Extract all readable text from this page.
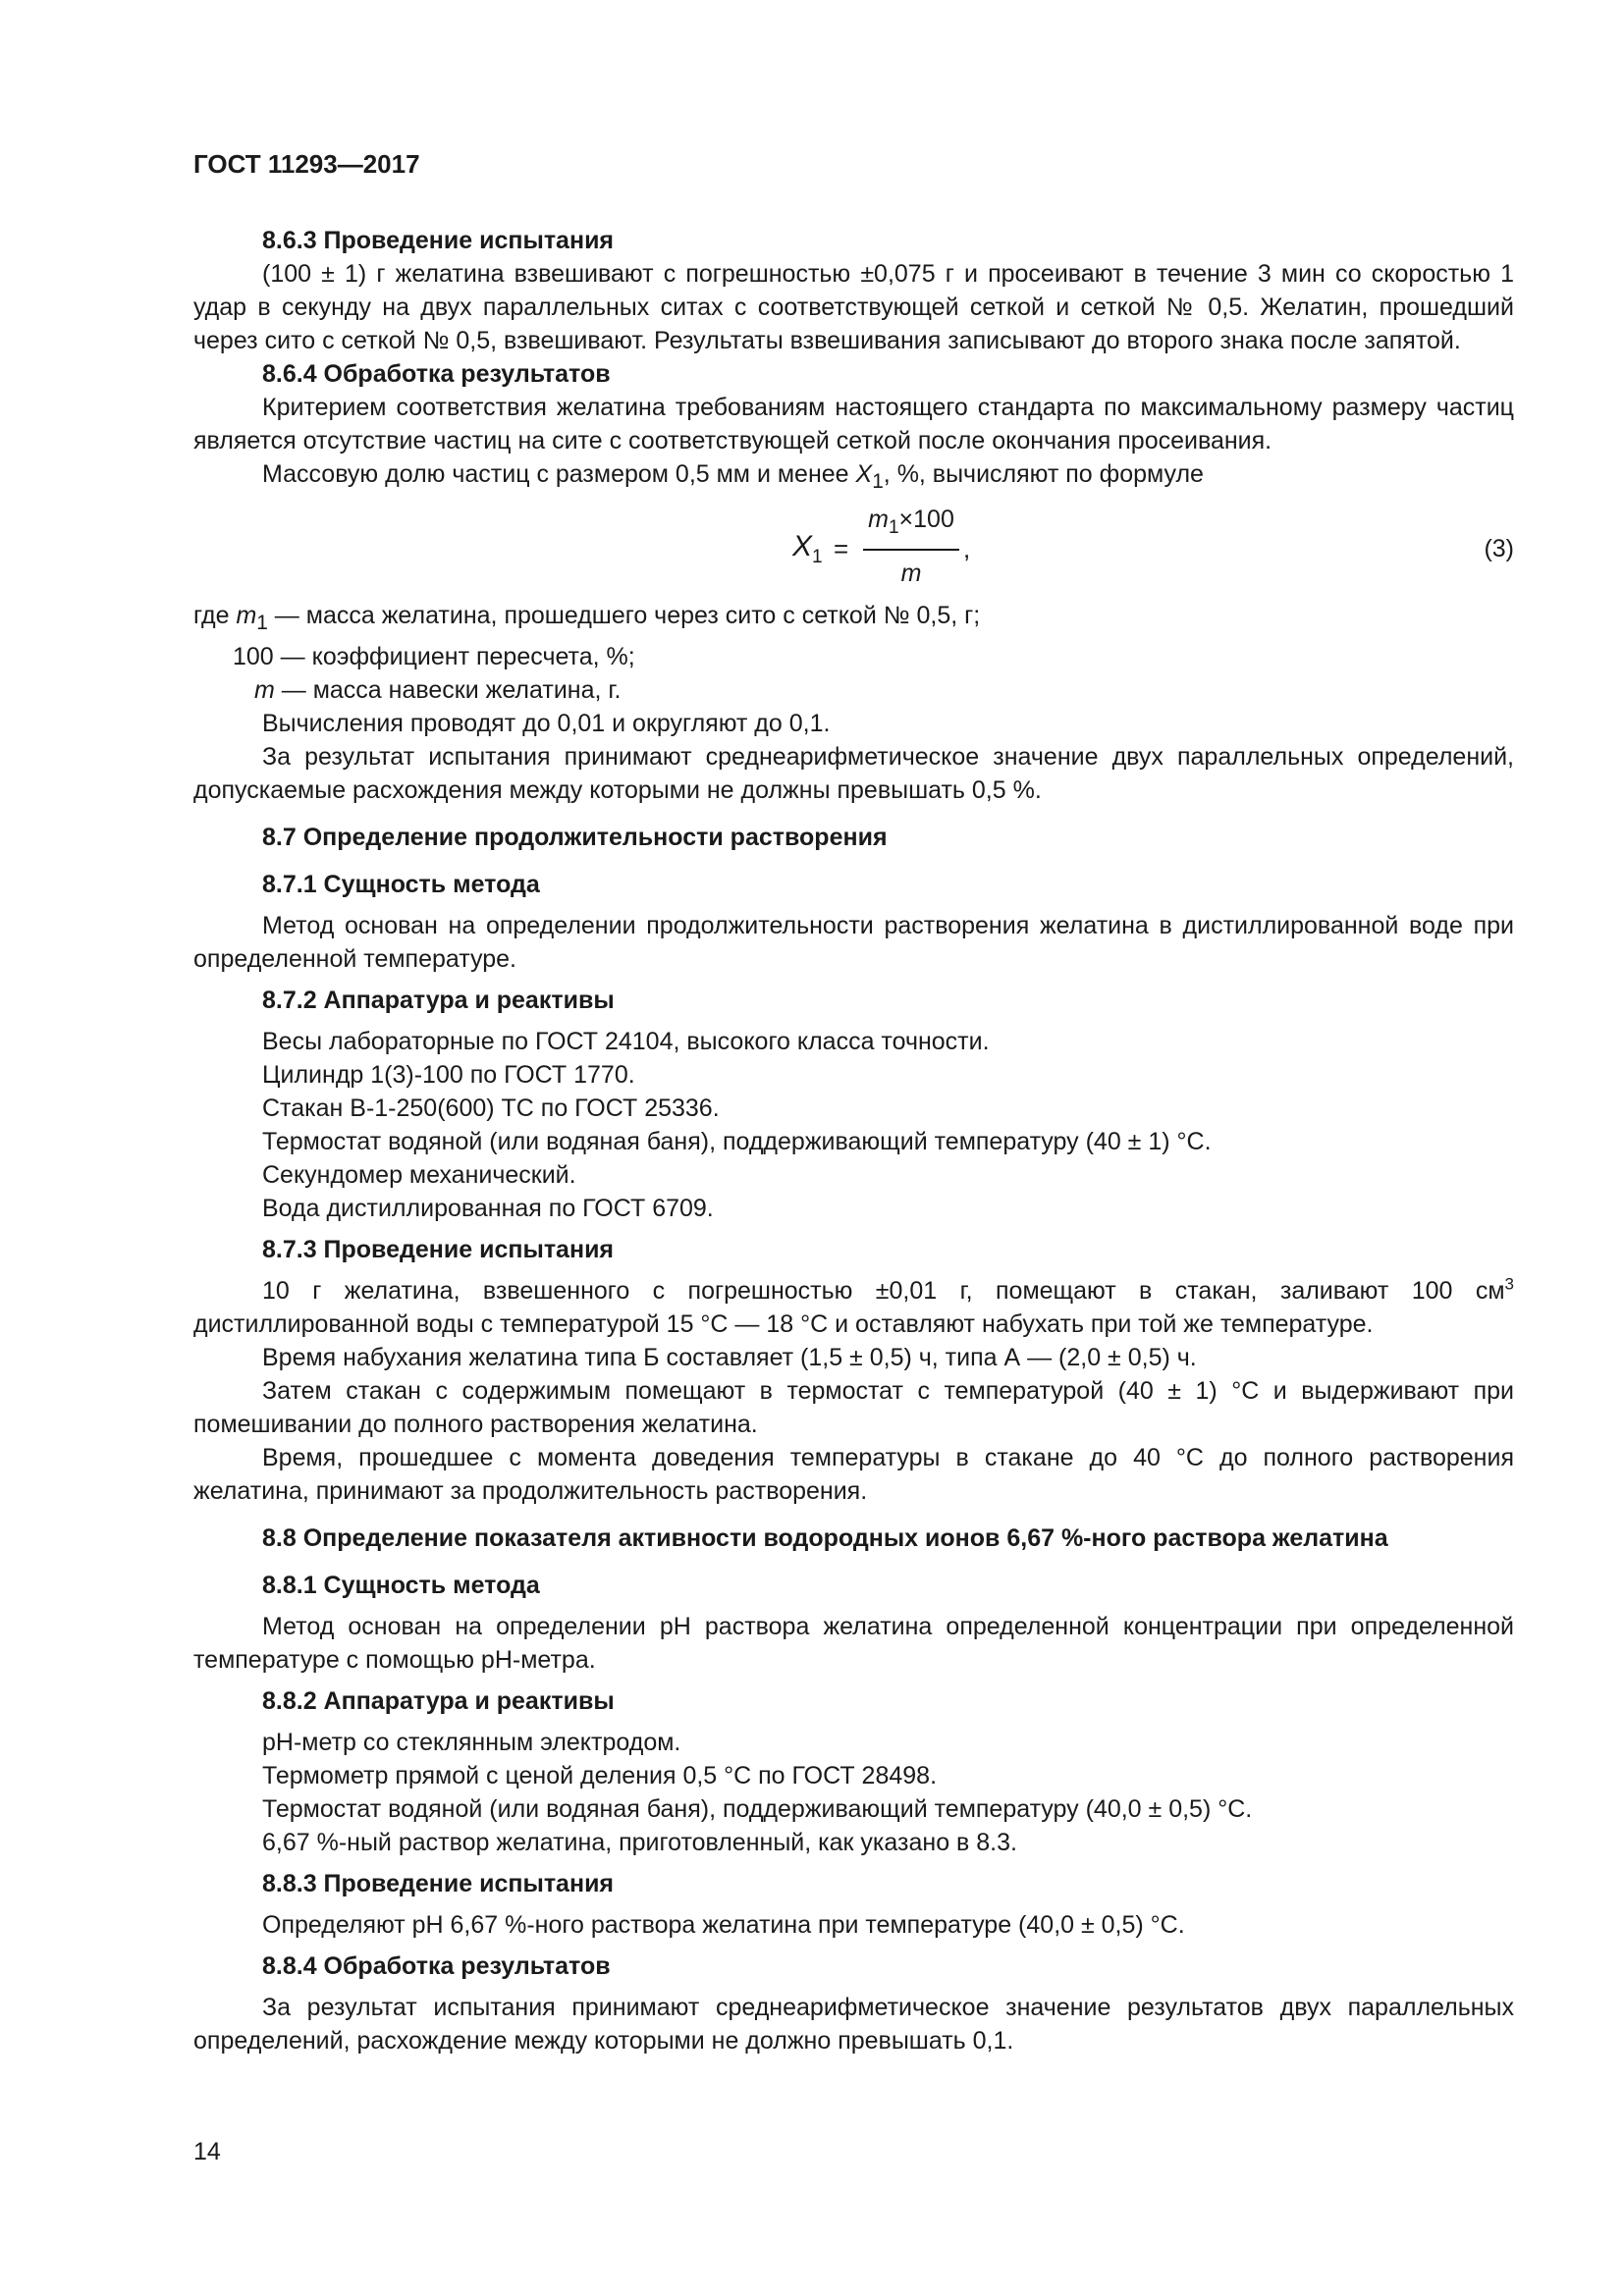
ГОСТ 11293—2017

8.6.3 Проведение испытания

(100 ± 1) г желатина взвешивают с погрешностью ±0,075 г и просеивают в течение 3 мин со скоростью 1 удар в секунду на двух параллельных ситах с соответствующей сеткой и сеткой № 0,5. Желатин, прошедший через сито с сеткой № 0,5, взвешивают. Результаты взвешивания записывают до второго знака после запятой.

8.6.4 Обработка результатов

Критерием соответствия желатина требованиям настоящего стандарта по максимальному размеру частиц является отсутствие частиц на сите с соответствующей сеткой после окончания просеивания.

Массовую долю частиц с размером 0,5 мм и менее $X_1$, %, вычисляют по формуле

$X_1$ =
$m_1\times 100$
m
,	(3)

где $m_1$ — масса желатина, прошедшего через сито с сеткой № 0,5, г;

100 — коэффициент пересчета, %;

m — масса навески желатина, г.

Вычисления проводят до 0,01 и округляют до 0,1.

За результат испытания принимают среднеарифметическое значение двух параллельных определений, допускаемые расхождения между которыми не должны превышать 0,5 %.

8.7 Определение продолжительности растворения

8.7.1 Сущность метода

Метод основан на определении продолжительности растворения желатина в дистиллированной воде при определенной температуре.

8.7.2 Аппаратура и реактивы

Весы лабораторные по ГОСТ 24104, высокого класса точности.

Цилиндр 1(3)-100 по ГОСТ 1770.

Стакан В-1-250(600) ТС по ГОСТ 25336.

Термостат водяной (или водяная баня), поддерживающий температуру (40 ± 1) °С.

Секундомер механический.

Вода дистиллированная по ГОСТ 6709.

8.7.3 Проведение испытания

10 г желатина, взвешенного с погрешностью ±0,01 г, помещают в стакан, заливают 100 $см^3$ дистиллированной воды с температурой 15 °С — 18 °С и оставляют набухать при той же температуре.

Время набухания желатина типа Б составляет (1,5 ± 0,5) ч, типа А — (2,0 ± 0,5) ч.

Затем стакан с содержимым помещают в термостат с температурой (40 ± 1) °С и выдерживают при помешивании до полного растворения желатина.

Время, прошедшее с момента доведения температуры в стакане до 40 °С до полного растворения желатина, принимают за продолжительность растворения.

8.8 Определение показателя активности водородных ионов 6,67 %-ного раствора желатина

8.8.1 Сущность метода

Метод основан на определении рН раствора желатина определенной концентрации при определенной температуре с помощью рН-метра.

8.8.2 Аппаратура и реактивы

рН-метр со стеклянным электродом.

Термометр прямой с ценой деления 0,5 °С по ГОСТ 28498.

Термостат водяной (или водяная баня), поддерживающий температуру (40,0 ± 0,5) °С.

6,67 %-ный раствор желатина, приготовленный, как указано в 8.3.

8.8.3 Проведение испытания

Определяют рН 6,67 %-ного раствора желатина при температуре (40,0 ± 0,5) °С.

8.8.4 Обработка результатов

За результат испытания принимают среднеарифметическое значение результатов двух параллельных определений, расхождение между которыми не должно превышать 0,1.

14
